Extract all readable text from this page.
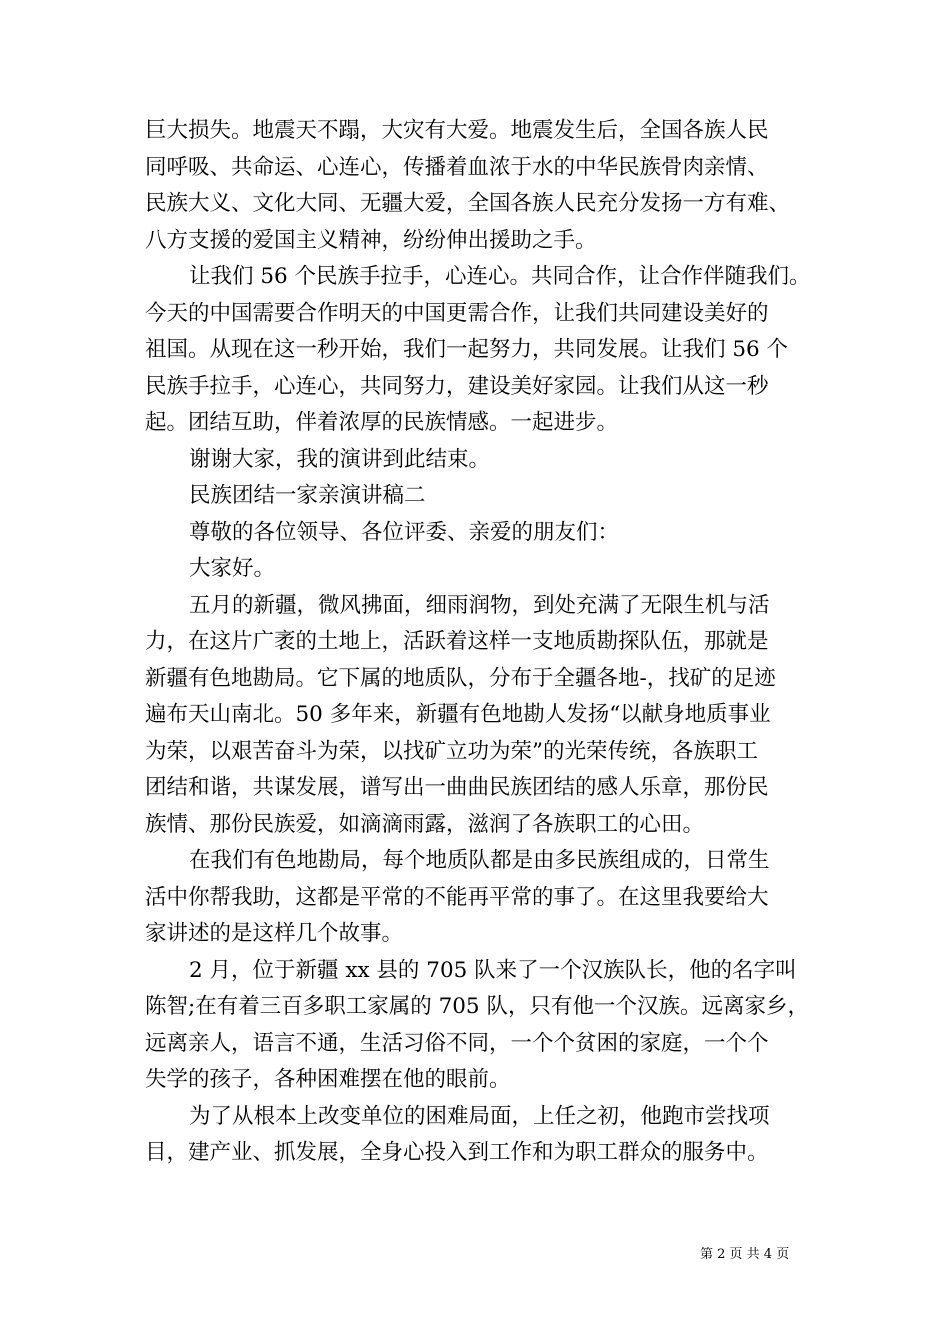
巨大损失。地震天不蹋，大灾有大爱。地震发生后，全国各族人民
同呼吸、共命运、心连心，传播着血浓于水的中华民族骨肉亲情、
民族大义、文化大同、无疆大爱，全国各族人民充分发扬一方有难、
八方支援的爱国主义精神，纷纷伸出援助之手。
让我们 56 个民族手拉手，心连心。共同合作，让合作伴随我们。
今天的中国需要合作明天的中国更需合作，让我们共同建设美好的
祖国。从现在这一秒开始，我们一起努力，共同发展。让我们 56 个
民族手拉手，心连心，共同努力，建设美好家园。让我们从这一秒
起。团结互助，伴着浓厚的民族情感。一起进步。
谢谢大家，我的演讲到此结束。
民族团结一家亲演讲稿二
尊敬的各位领导、各位评委、亲爱的朋友们：
大家好。
五月的新疆，微风拂面，细雨润物，到处充满了无限生机与活
力，在这片广袤的土地上，活跃着这样一支地质勘探队伍，那就是
新疆有色地勘局。它下属的地质队，分布于全疆各地-，找矿的足迹
遍布天山南北。50 多年来，新疆有色地勘人发扬“以献身地质事业
为荣，以艰苦奋斗为荣，以找矿立功为荣”的光荣传统，各族职工
团结和谐，共谋发展，谱写出一曲曲民族团结的感人乐章，那份民
族情、那份民族爱，如滴滴雨露，滋润了各族职工的心田。
在我们有色地勘局，每个地质队都是由多民族组成的，日常生
活中你帮我助，这都是平常的不能再平常的事了。在这里我要给大
家讲述的是这样几个故事。
2 月，位于新疆 xx 县的 705 队来了一个汉族队长，他的名字叫
陈智;在有着三百多职工家属的 705 队，只有他一个汉族。远离家乡，
远离亲人，语言不通，生活习俗不同，一个个贫困的家庭，一个个
失学的孩子，各种困难摆在他的眼前。
为了从根本上改变单位的困难局面，上任之初，他跑市尝找项
目，建产业、抓发展，全身心投入到工作和为职工群众的服务中。
第 2 页 共 4 页
